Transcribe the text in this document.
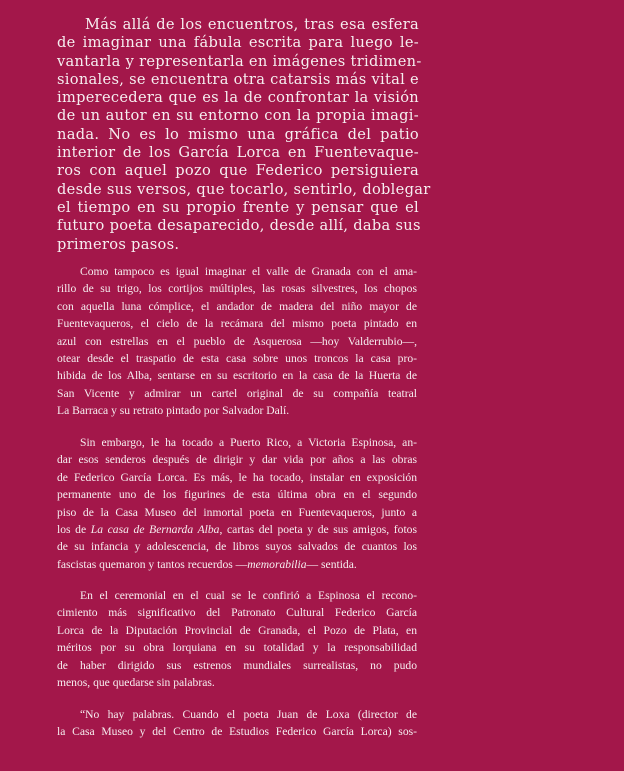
Más allá de los encuentros, tras esa esfera
de imaginar una fábula escrita para luego le-
vantarla y representarla en imágenes tridimen-
sionales, se encuentra otra catarsis más vital e
imperecedera que es la de confrontar la visión
de un autor en su entorno con la propia imagi-
nada. No es lo mismo una gráfica del patio
interior de los García Lorca en Fuentevaque-
ros con aquel pozo que Federico persiguiera
desde sus versos, que tocarlo, sentirlo, doblegar
el tiempo en su propio frente y pensar que el
futuro poeta desaparecido, desde allí, daba sus
primeros pasos.
Como tampoco es igual imaginar el valle de Granada con el ama-
rillo de su trigo, los cortijos múltiples, las rosas silvestres, los chopos
con aquella luna cómplice, el andador de madera del niño mayor de
Fuentevaqueros, el cielo de la recámara del mismo poeta pintado en
azul con estrellas en el pueblo de Asquerosa —hoy Valderrubio—,
otear desde el traspatio de esta casa sobre unos troncos la casa pro-
hibida de los Alba, sentarse en su escritorio en la casa de la Huerta de
San Vicente y admirar un cartel original de su compañía teatral
La Barraca y su retrato pintado por Salvador Dalí.
Sin embargo, le ha tocado a Puerto Rico, a Victoria Espinosa, an-
dar esos senderos después de dirigir y dar vida por años a las obras
de Federico García Lorca. Es más, le ha tocado, instalar en exposición
permanente uno de los figurines de esta última obra en el segundo
piso de la Casa Museo del inmortal poeta en Fuentevaqueros, junto a
los de La casa de Bernarda Alba, cartas del poeta y de sus amigos, fotos
de su infancia y adolescencia, de libros suyos salvados de cuantos los
fascistas quemaron y tantos recuerdos —memorabilia— sentida.
En el ceremonial en el cual se le confirió a Espinosa el recono-
cimiento más significativo del Patronato Cultural Federico García
Lorca de la Diputación Provincial de Granada, el Pozo de Plata, en
méritos por su obra lorquiana en su totalidad y la responsabilidad
de haber dirigido sus estrenos mundiales surrealistas, no pudo
menos, que quedarse sin palabras.
“No hay palabras. Cuando el poeta Juan de Loxa (director de
la Casa Museo y del Centro de Estudios Federico García Lorca) sos-
